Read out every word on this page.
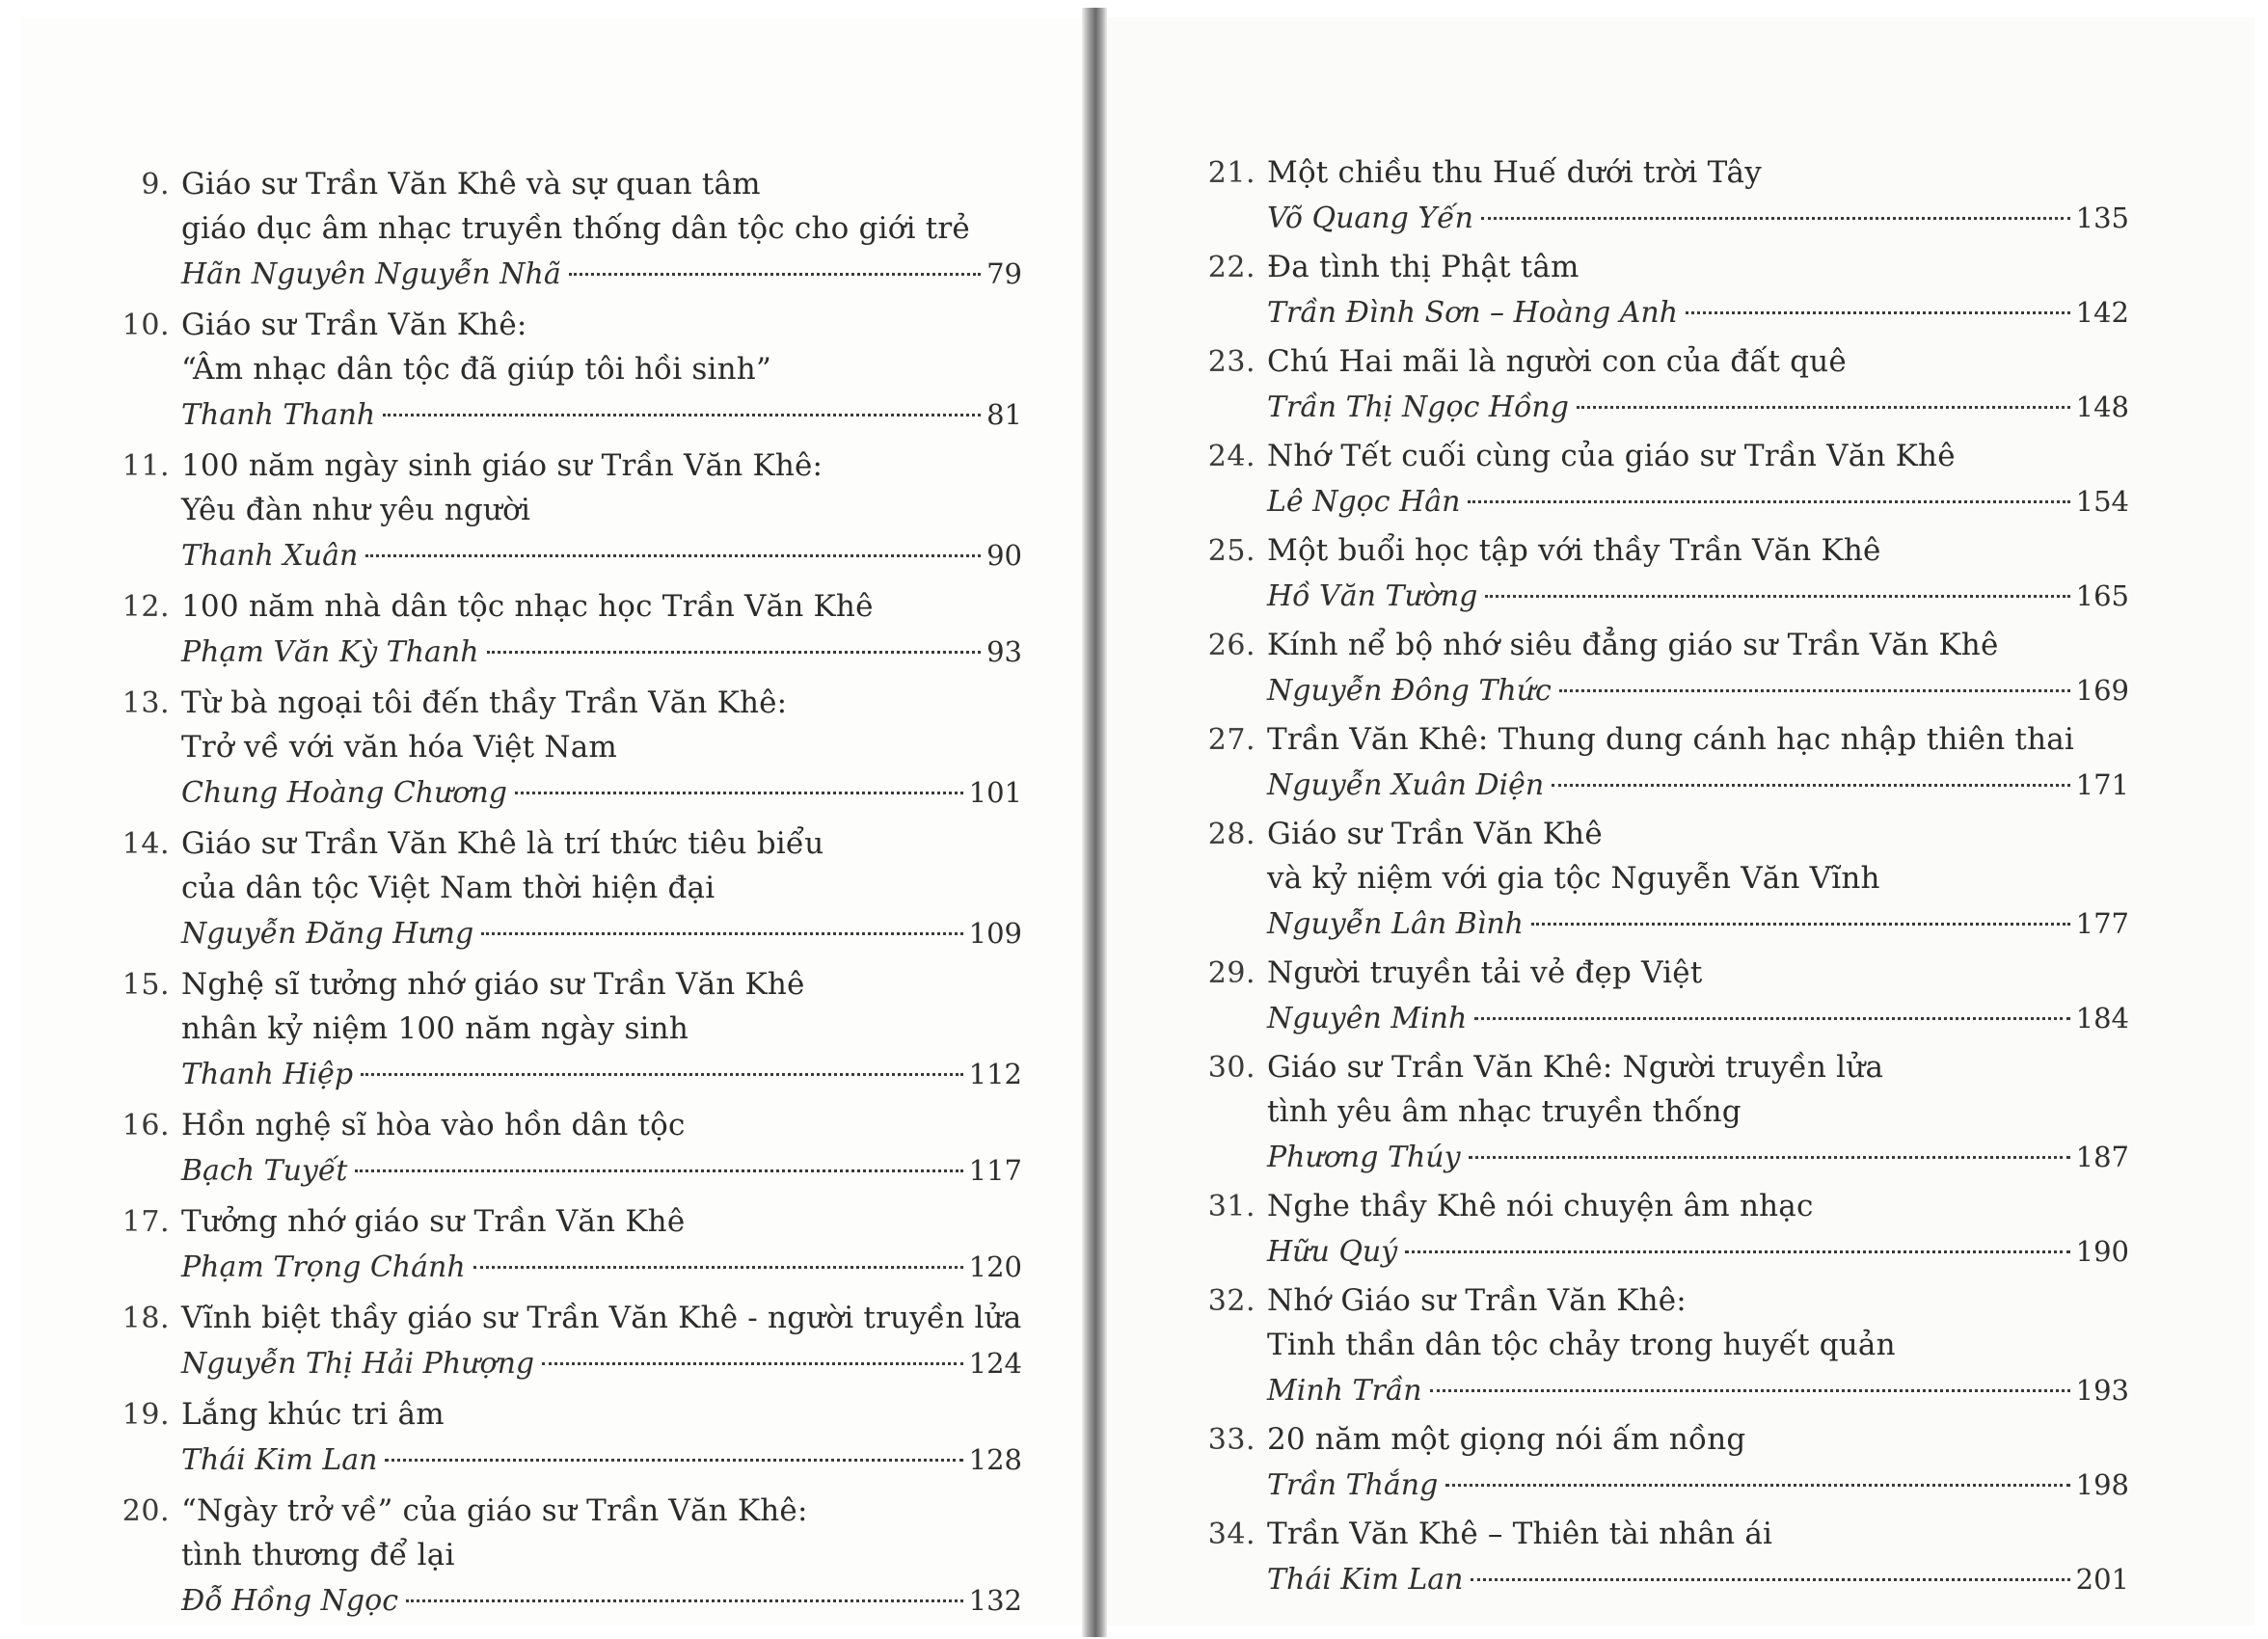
9. Giáo sư Trần Văn Khê và sự quan tâm
giáo dục âm nhạc truyền thống dân tộc cho giới trẻ
Hãn Nguyên Nguyễn Nhã	79
10. Giáo sư Trần Văn Khê:
“Âm nhạc dân tộc đã giúp tôi hồi sinh”
Thanh Thanh	81
11. 100 năm ngày sinh giáo sư Trần Văn Khê:
Yêu đàn như yêu người
Thanh Xuân	90
12. 100 năm nhà dân tộc nhạc học Trần Văn Khê
Phạm Văn Kỳ Thanh	93
13. Từ bà ngoại tôi đến thầy Trần Văn Khê:
Trở về với văn hóa Việt Nam
Chung Hoàng Chương	101
14. Giáo sư Trần Văn Khê là trí thức tiêu biểu
của dân tộc Việt Nam thời hiện đại
Nguyễn Đăng Hưng	109
15. Nghệ sĩ tưởng nhớ giáo sư Trần Văn Khê
nhân kỷ niệm 100 năm ngày sinh
Thanh Hiệp	112
16. Hồn nghệ sĩ hòa vào hồn dân tộc
Bạch Tuyết	117
17. Tưởng nhớ giáo sư Trần Văn Khê
Phạm Trọng Chánh	120
18. Vĩnh biệt thầy giáo sư Trần Văn Khê - người truyền lửa
Nguyễn Thị Hải Phượng	124
19. Lắng khúc tri âm
Thái Kim Lan	128
20. “Ngày trở về” của giáo sư Trần Văn Khê:
tình thương để lại
Đỗ Hồng Ngọc	132
21. Một chiều thu Huế dưới trời Tây
Võ Quang Yến	135
22. Đa tình thị Phật tâm
Trần Đình Sơn – Hoàng Anh	142
23. Chú Hai mãi là người con của đất quê
Trần Thị Ngọc Hồng	148
24. Nhớ Tết cuối cùng của giáo sư Trần Văn Khê
Lê Ngọc Hân	154
25. Một buổi học tập với thầy Trần Văn Khê
Hồ Văn Tường	165
26. Kính nể bộ nhớ siêu đẳng giáo sư Trần Văn Khê
Nguyễn Đông Thức	169
27. Trần Văn Khê: Thung dung cánh hạc nhập thiên thai
Nguyễn Xuân Diện	171
28. Giáo sư Trần Văn Khê
và kỷ niệm với gia tộc Nguyễn Văn Vĩnh
Nguyễn Lân Bình	177
29. Người truyền tải vẻ đẹp Việt
Nguyên Minh	184
30. Giáo sư Trần Văn Khê: Người truyền lửa
tình yêu âm nhạc truyền thống
Phương Thúy	187
31. Nghe thầy Khê nói chuyện âm nhạc
Hữu Quý	190
32. Nhớ Giáo sư Trần Văn Khê:
Tinh thần dân tộc chảy trong huyết quản
Minh Trần	193
33. 20 năm một giọng nói ấm nồng
Trần Thắng	198
34. Trần Văn Khê – Thiên tài nhân ái
Thái Kim Lan	201
